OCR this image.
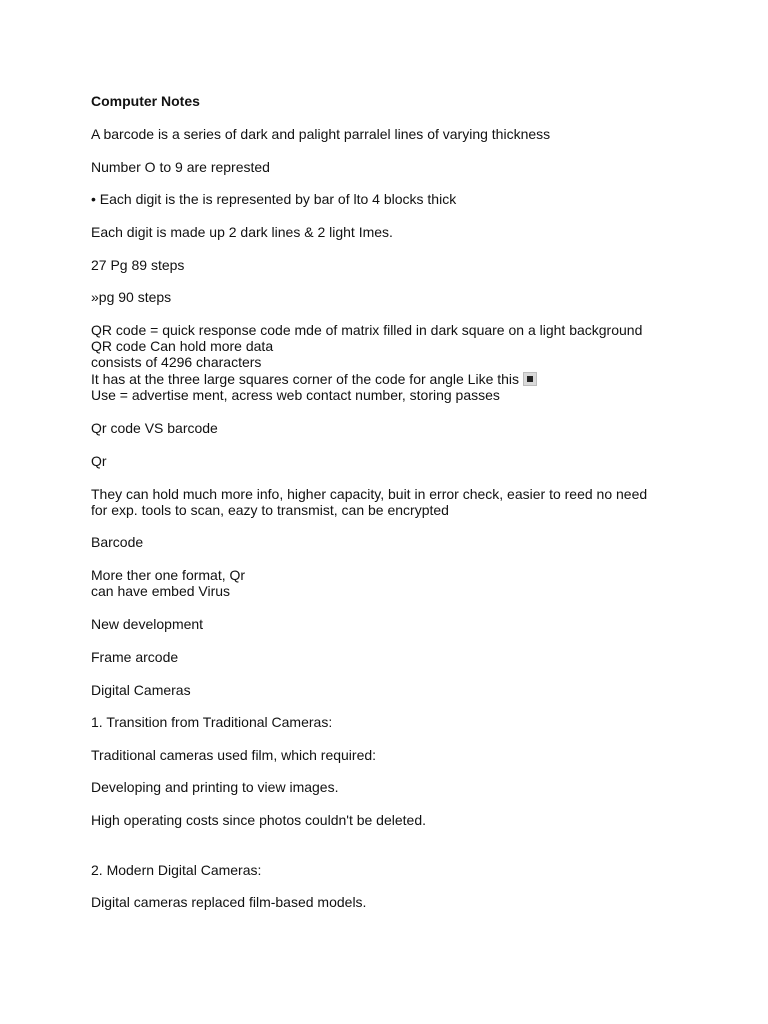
Computer Notes
A barcode is a series of dark and palight parralel lines of varying thickness
Number O to 9 are represted
• Each digit is the is represented by bar of lto 4 blocks thick
Each digit is made up 2 dark lines & 2 light Imes.
27 Pg 89 steps
»pg 90 steps
QR code = quick response code mde of matrix filled in dark square on a light background QR code Can hold more data
consists of 4296 characters
It has at the three large squares corner of the code for angle Like this
Use = advertise ment, acress web contact number, storing passes
Qr code VS barcode
Qr
They can hold much more info, higher capacity, buit in error check, easier to reed no need for exp. tools to scan, eazy to transmist, can be encrypted
Barcode
More ther one format, Qr
can have embed Virus
New development
Frame arcode
Digital Cameras
1. Transition from Traditional Cameras:
Traditional cameras used film, which required:
Developing and printing to view images.
High operating costs since photos couldn't be deleted.
2. Modern Digital Cameras:
Digital cameras replaced film-based models.
